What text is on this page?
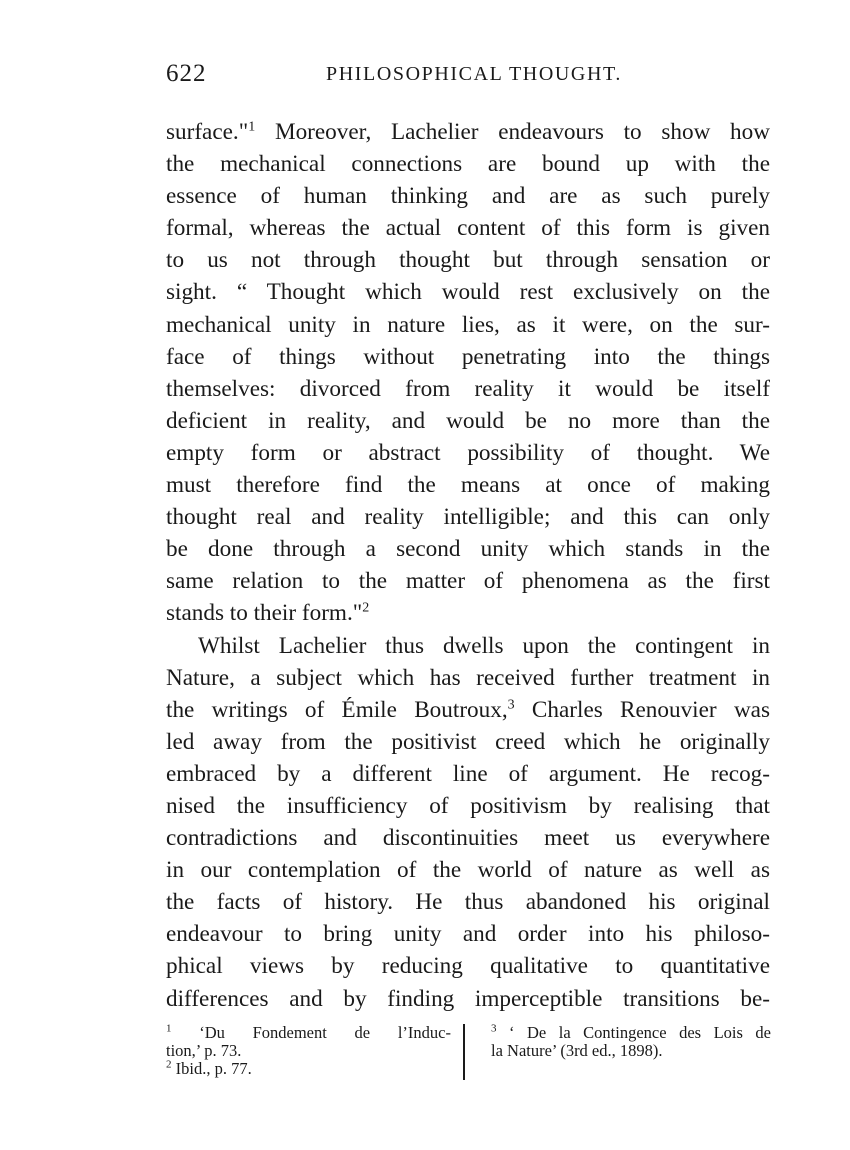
622	PHILOSOPHICAL THOUGHT.
surface."$^1$ Moreover, Lachelier endeavours to show how
the mechanical connections are bound up with the
essence of human thinking and are as such purely
formal, whereas the actual content of this form is given
to us not through thought but through sensation or
sight. “ Thought which would rest exclusively on the
mechanical unity in nature lies, as it were, on the sur-
face of things without penetrating into the things
themselves: divorced from reality it would be itself
deficient in reality, and would be no more than the
empty form or abstract possibility of thought. We
must therefore find the means at once of making
thought real and reality intelligible; and this can only
be done through a second unity which stands in the
same relation to the matter of phenomena as the first
stands to their form."$^2$
Whilst Lachelier thus dwells upon the contingent in
Nature, a subject which has received further treatment in
the writings of Émile Boutroux,$^3$ Charles Renouvier was
led away from the positivist creed which he originally
embraced by a different line of argument. He recog-
nised the insufficiency of positivism by realising that
contradictions and discontinuities meet us everywhere
in our contemplation of the world of nature as well as
the facts of history. He thus abandoned his original
endeavour to bring unity and order into his philoso-
phical views by reducing qualitative to quantitative
differences and by finding imperceptible transitions be-
$^1$ ‘Du Fondement de l’Induc-
tion,’ p. 73.
$^2$ Ibid., p. 77.
$^3$ ‘ De la Contingence des Lois de
la Nature’ (3rd ed., 1898).
